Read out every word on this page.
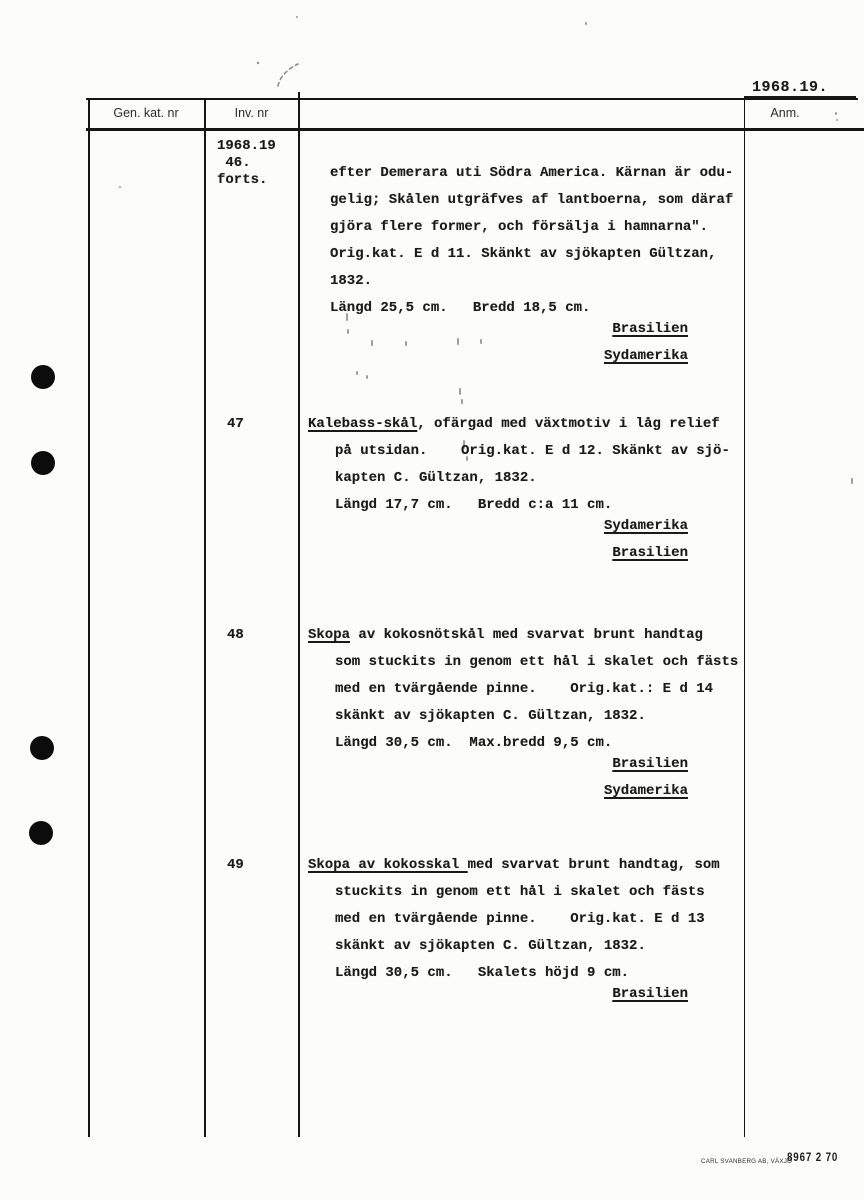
1968.19.
Gen. kat. nr	Inv. nr	Anm.
1968.19
46.
forts.	efter Demerara uti Södra America. Kärnan är odu-
gelig; Skålen utgräfves af lantboerna, som däraf
gjöra flere former, och försälja i hamnarna".
Orig.kat. E d 11. Skänkt av sjökapten Gültzan,
1832.
Längd 25,5 cm.   Bredd 18,5 cm.
Brasilien
Sydamerika
47	Kalebass-skål, ofärgad med växtmotiv i låg relief
på utsidan.    Orig.kat. E d 12. Skänkt av sjö-
kapten C. Gültzan, 1832.
Längd 17,7 cm.   Bredd c:a 11 cm.
Sydamerika
Brasilien
48	Skopa av kokosnötskål med svarvat brunt handtag
som stuckits in genom ett hål i skalet och fästs
med en tvärgående pinne.    Orig.kat.: E d 14
skänkt av sjökapten C. Gültzan, 1832.
Längd 30,5 cm.  Max.bredd 9,5 cm.
Brasilien
Sydamerika
49	Skopa av kokosskal med svarvat brunt handtag, som
stuckits in genom ett hål i skalet och fästs
med en tvärgående pinne.    Orig.kat. E d 13
skänkt av sjökapten C. Gültzan, 1832.
Längd 30,5 cm.   Skalets höjd 9 cm.
Brasilien
CARL SVANBERG AB, VÄXJÖ
8967 2 70
